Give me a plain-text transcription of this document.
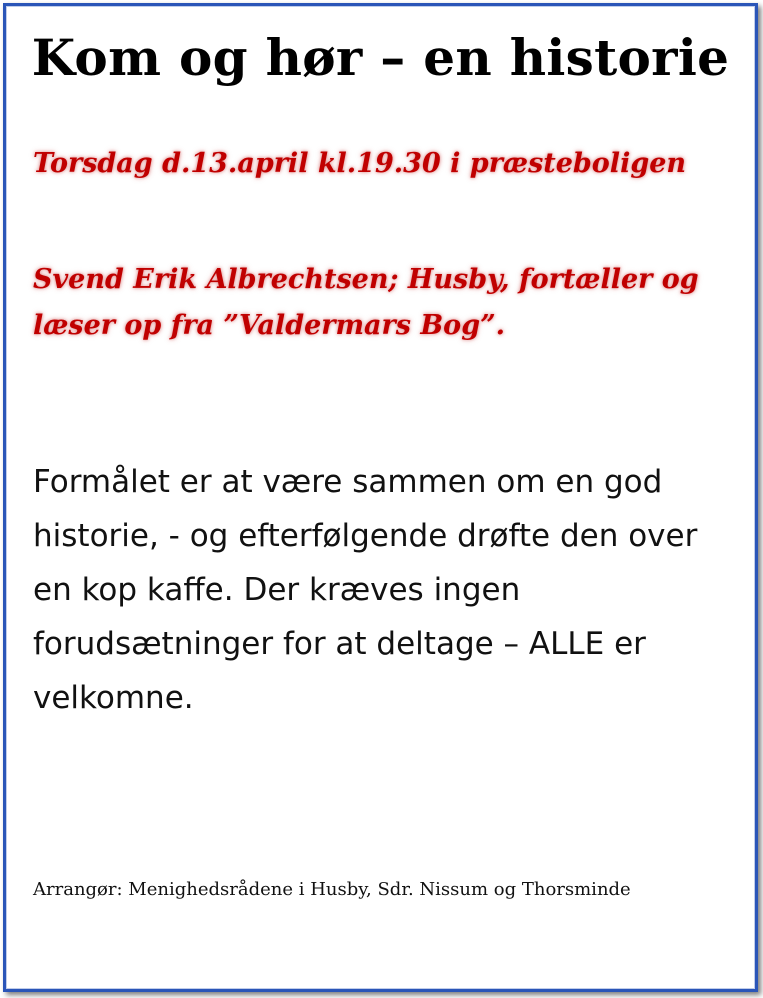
Kom og hør – en historie

Torsdag d.13.april kl.19.30 i præsteboligen

Svend Erik Albrechtsen; Husby, fortæller og

læser op fra ”Valdermars Bog”.

Formålet er at være sammen om en god
historie, - og efterfølgende drøfte den over
en kop kaffe. Der kræves ingen
forudsætninger for at deltage – ALLE er
velkomne.

Arrangør: Menighedsrådene i Husby, Sdr. Nissum og Thorsminde
